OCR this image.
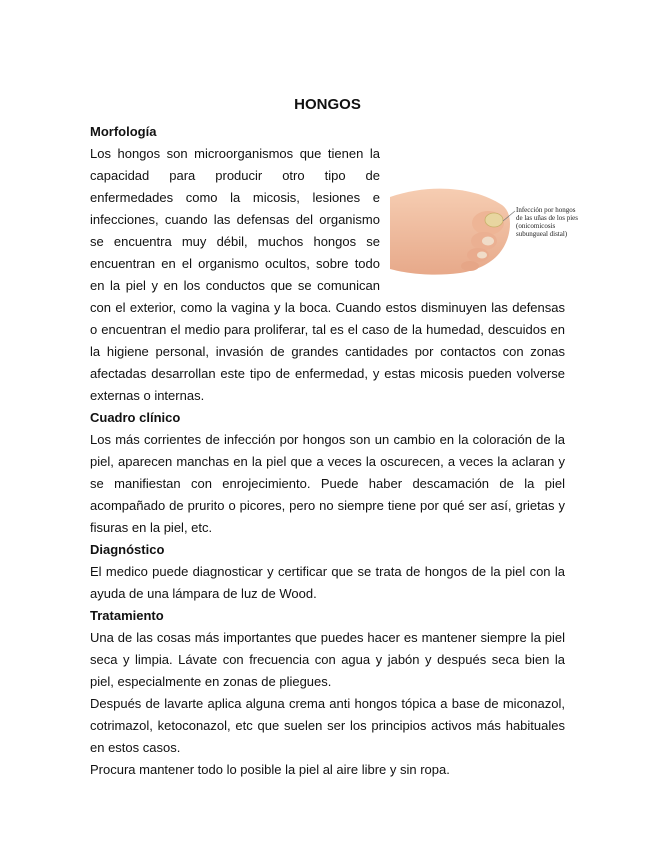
HONGOS

Morfología

Infección por hongos de las uñas de los pies (onicomicosis subungueal distal)

Los hongos son microorganismos que tienen la capacidad para producir otro tipo de enfermedades como la micosis, lesiones e infecciones, cuando las defensas del organismo se encuentra muy débil, muchos hongos se encuentran en el organismo ocultos, sobre todo en la piel y en los conductos que se comunican con el exterior, como la vagina y la boca. Cuando estos disminuyen las defensas o encuentran el medio para proliferar, tal es el caso de la humedad, descuidos en la higiene personal, invasión de grandes cantidades por contactos con zonas afectadas desarrollan este tipo de enfermedad, y estas micosis pueden volverse externas o internas.

Cuadro clínico

Los más corrientes de infección por hongos son un cambio en la coloración de la piel, aparecen manchas en la piel que a veces la oscurecen, a veces la aclaran y se manifiestan con enrojecimiento. Puede haber descamación de la piel acompañado de prurito o picores, pero no siempre tiene por qué ser así, grietas y fisuras en la piel, etc.

Diagnóstico

El medico puede diagnosticar y certificar que se trata de hongos de la piel con la ayuda de una lámpara de luz de Wood.

Tratamiento

Una de las cosas más importantes que puedes hacer es mantener siempre la piel seca y limpia. Lávate con frecuencia con agua y jabón y después seca bien la piel, especialmente en zonas de pliegues.

Después de lavarte aplica alguna crema anti hongos tópica a base de miconazol, cotrimazol, ketoconazol, etc que suelen ser los principios activos más habituales en estos casos.

Procura mantener todo lo posible la piel al aire libre y sin ropa.
